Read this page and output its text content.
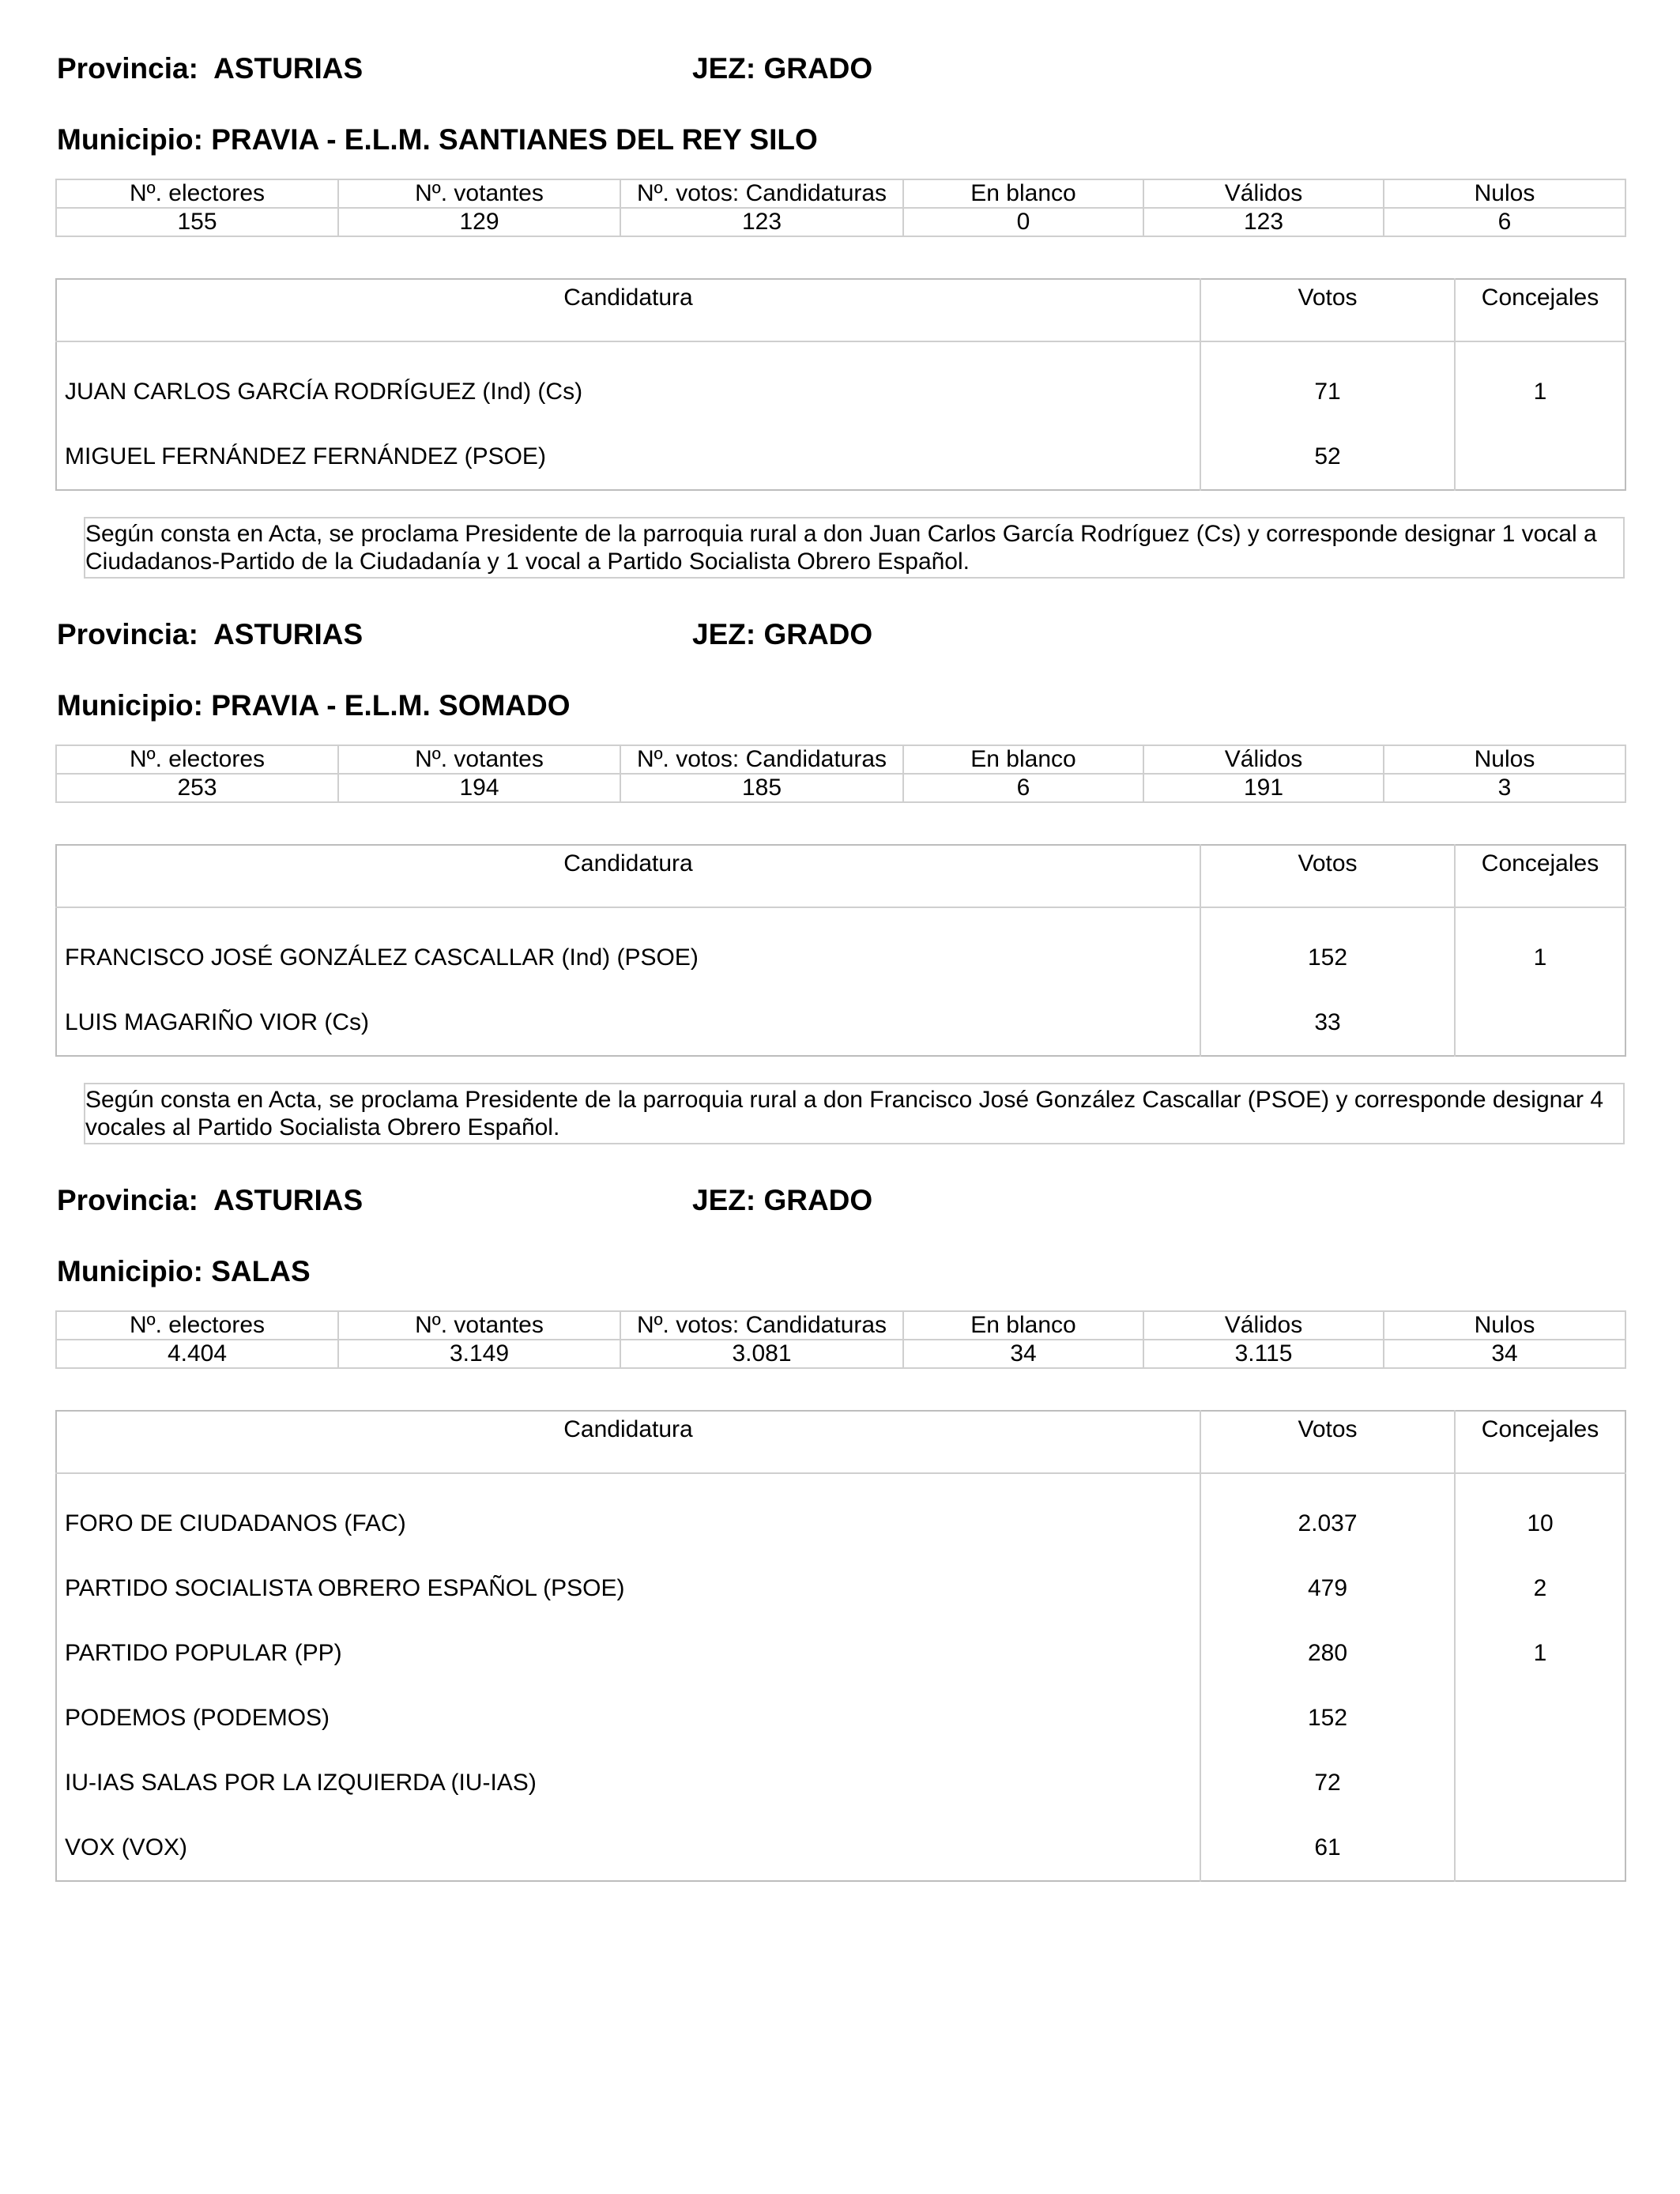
Provincia:  ASTURIAS	JEZ: GRADO
Municipio: PRAVIA - E.L.M. SANTIANES DEL REY SILO
Nº. electores	Nº. votantes	Nº. votos: Candidaturas	En blanco	Válidos	Nulos
155	129	123	0	123	6
Candidatura	Votos	Concejales
JUAN CARLOS GARCÍA RODRÍGUEZ (Ind) (Cs)	71	1
MIGUEL FERNÁNDEZ FERNÁNDEZ (PSOE)	52	
Según consta en Acta, se proclama Presidente de la parroquia rural a don Juan Carlos García Rodríguez (Cs) y corresponde designar 1 vocal a Ciudadanos-Partido de la Ciudadanía y 1 vocal a Partido Socialista Obrero Español.
Provincia:  ASTURIAS	JEZ: GRADO
Municipio: PRAVIA - E.L.M. SOMADO
Nº. electores	Nº. votantes	Nº. votos: Candidaturas	En blanco	Válidos	Nulos
253	194	185	6	191	3
Candidatura	Votos	Concejales
FRANCISCO JOSÉ GONZÁLEZ CASCALLAR (Ind) (PSOE)	152	1
LUIS MAGARIÑO VIOR (Cs)	33	
Según consta en Acta, se proclama Presidente de la parroquia rural a don Francisco José González Cascallar (PSOE) y corresponde designar 4 vocales al Partido Socialista Obrero Español.
Provincia:  ASTURIAS	JEZ: GRADO
Municipio: SALAS
Nº. electores	Nº. votantes	Nº. votos: Candidaturas	En blanco	Válidos	Nulos
4.404	3.149	3.081	34	3.115	34
Candidatura	Votos	Concejales
FORO DE CIUDADANOS (FAC)	2.037	10
PARTIDO SOCIALISTA OBRERO ESPAÑOL (PSOE)	479	2
PARTIDO POPULAR (PP)	280	1
PODEMOS (PODEMOS)	152	
IU-IAS SALAS POR LA IZQUIERDA (IU-IAS)	72	
VOX (VOX)	61	
